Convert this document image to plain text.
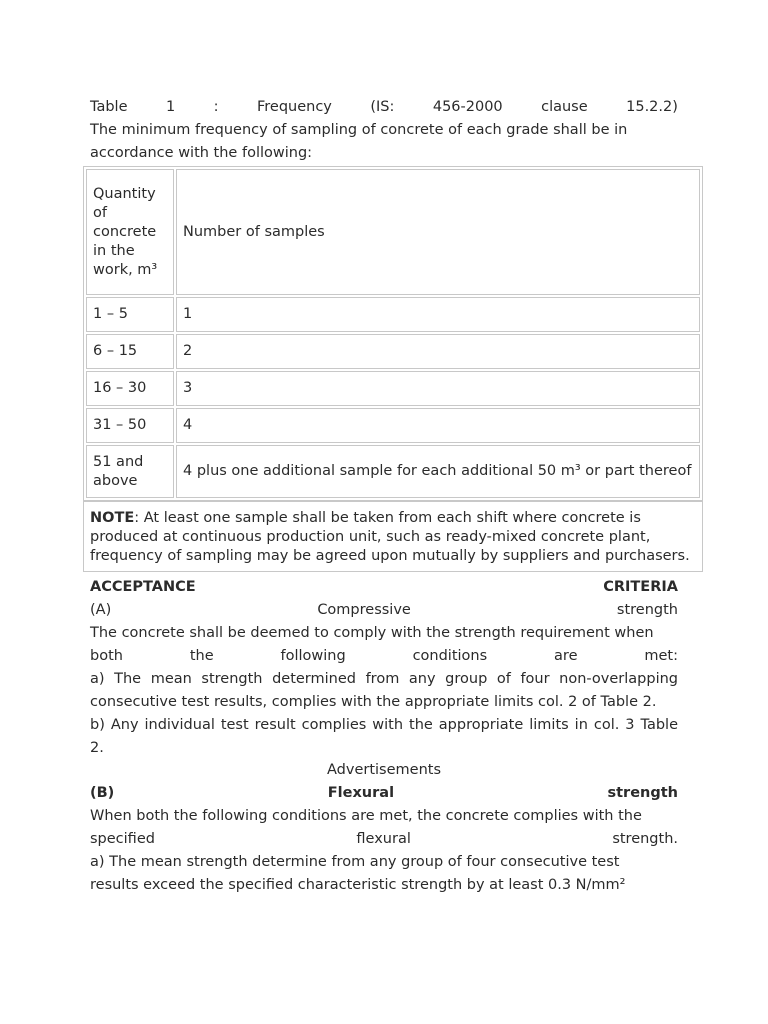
Table	1	:	Frequency	(IS:	456-2000	clause	15.2.2)
The minimum frequency of sampling of concrete of each grade shall be in
accordance with the following:
Quantity of concrete in the work, m³	Number of samples
1 – 5	1
6 – 15	2
16 – 30	3
31 – 50	4
51 and above	4 plus one additional sample for each additional 50 m³ or part thereof
NOTE: At least one sample shall be taken from each shift where concrete is produced at continuous production unit, such as ready-mixed concrete plant, frequency of sampling may be agreed upon mutually by suppliers and purchasers.
ACCEPTANCE	CRITERIA
(A)	Compressive	strength
The concrete shall be deemed to comply with the strength requirement when
both	the	following	conditions	are	met:
a) The mean strength determined from any group of four non-overlapping consecutive test results, complies with the appropriate limits col. 2 of Table 2.
b) Any individual test result complies with the appropriate limits in col. 3 Table 2.
Advertisements
(B)	Flexural	strength
When both the following conditions are met, the concrete complies with the
specified	flexural	strength.
a) The mean strength determine from any group of four consecutive test
results exceed the specified characteristic strength by at least 0.3 N/mm²
